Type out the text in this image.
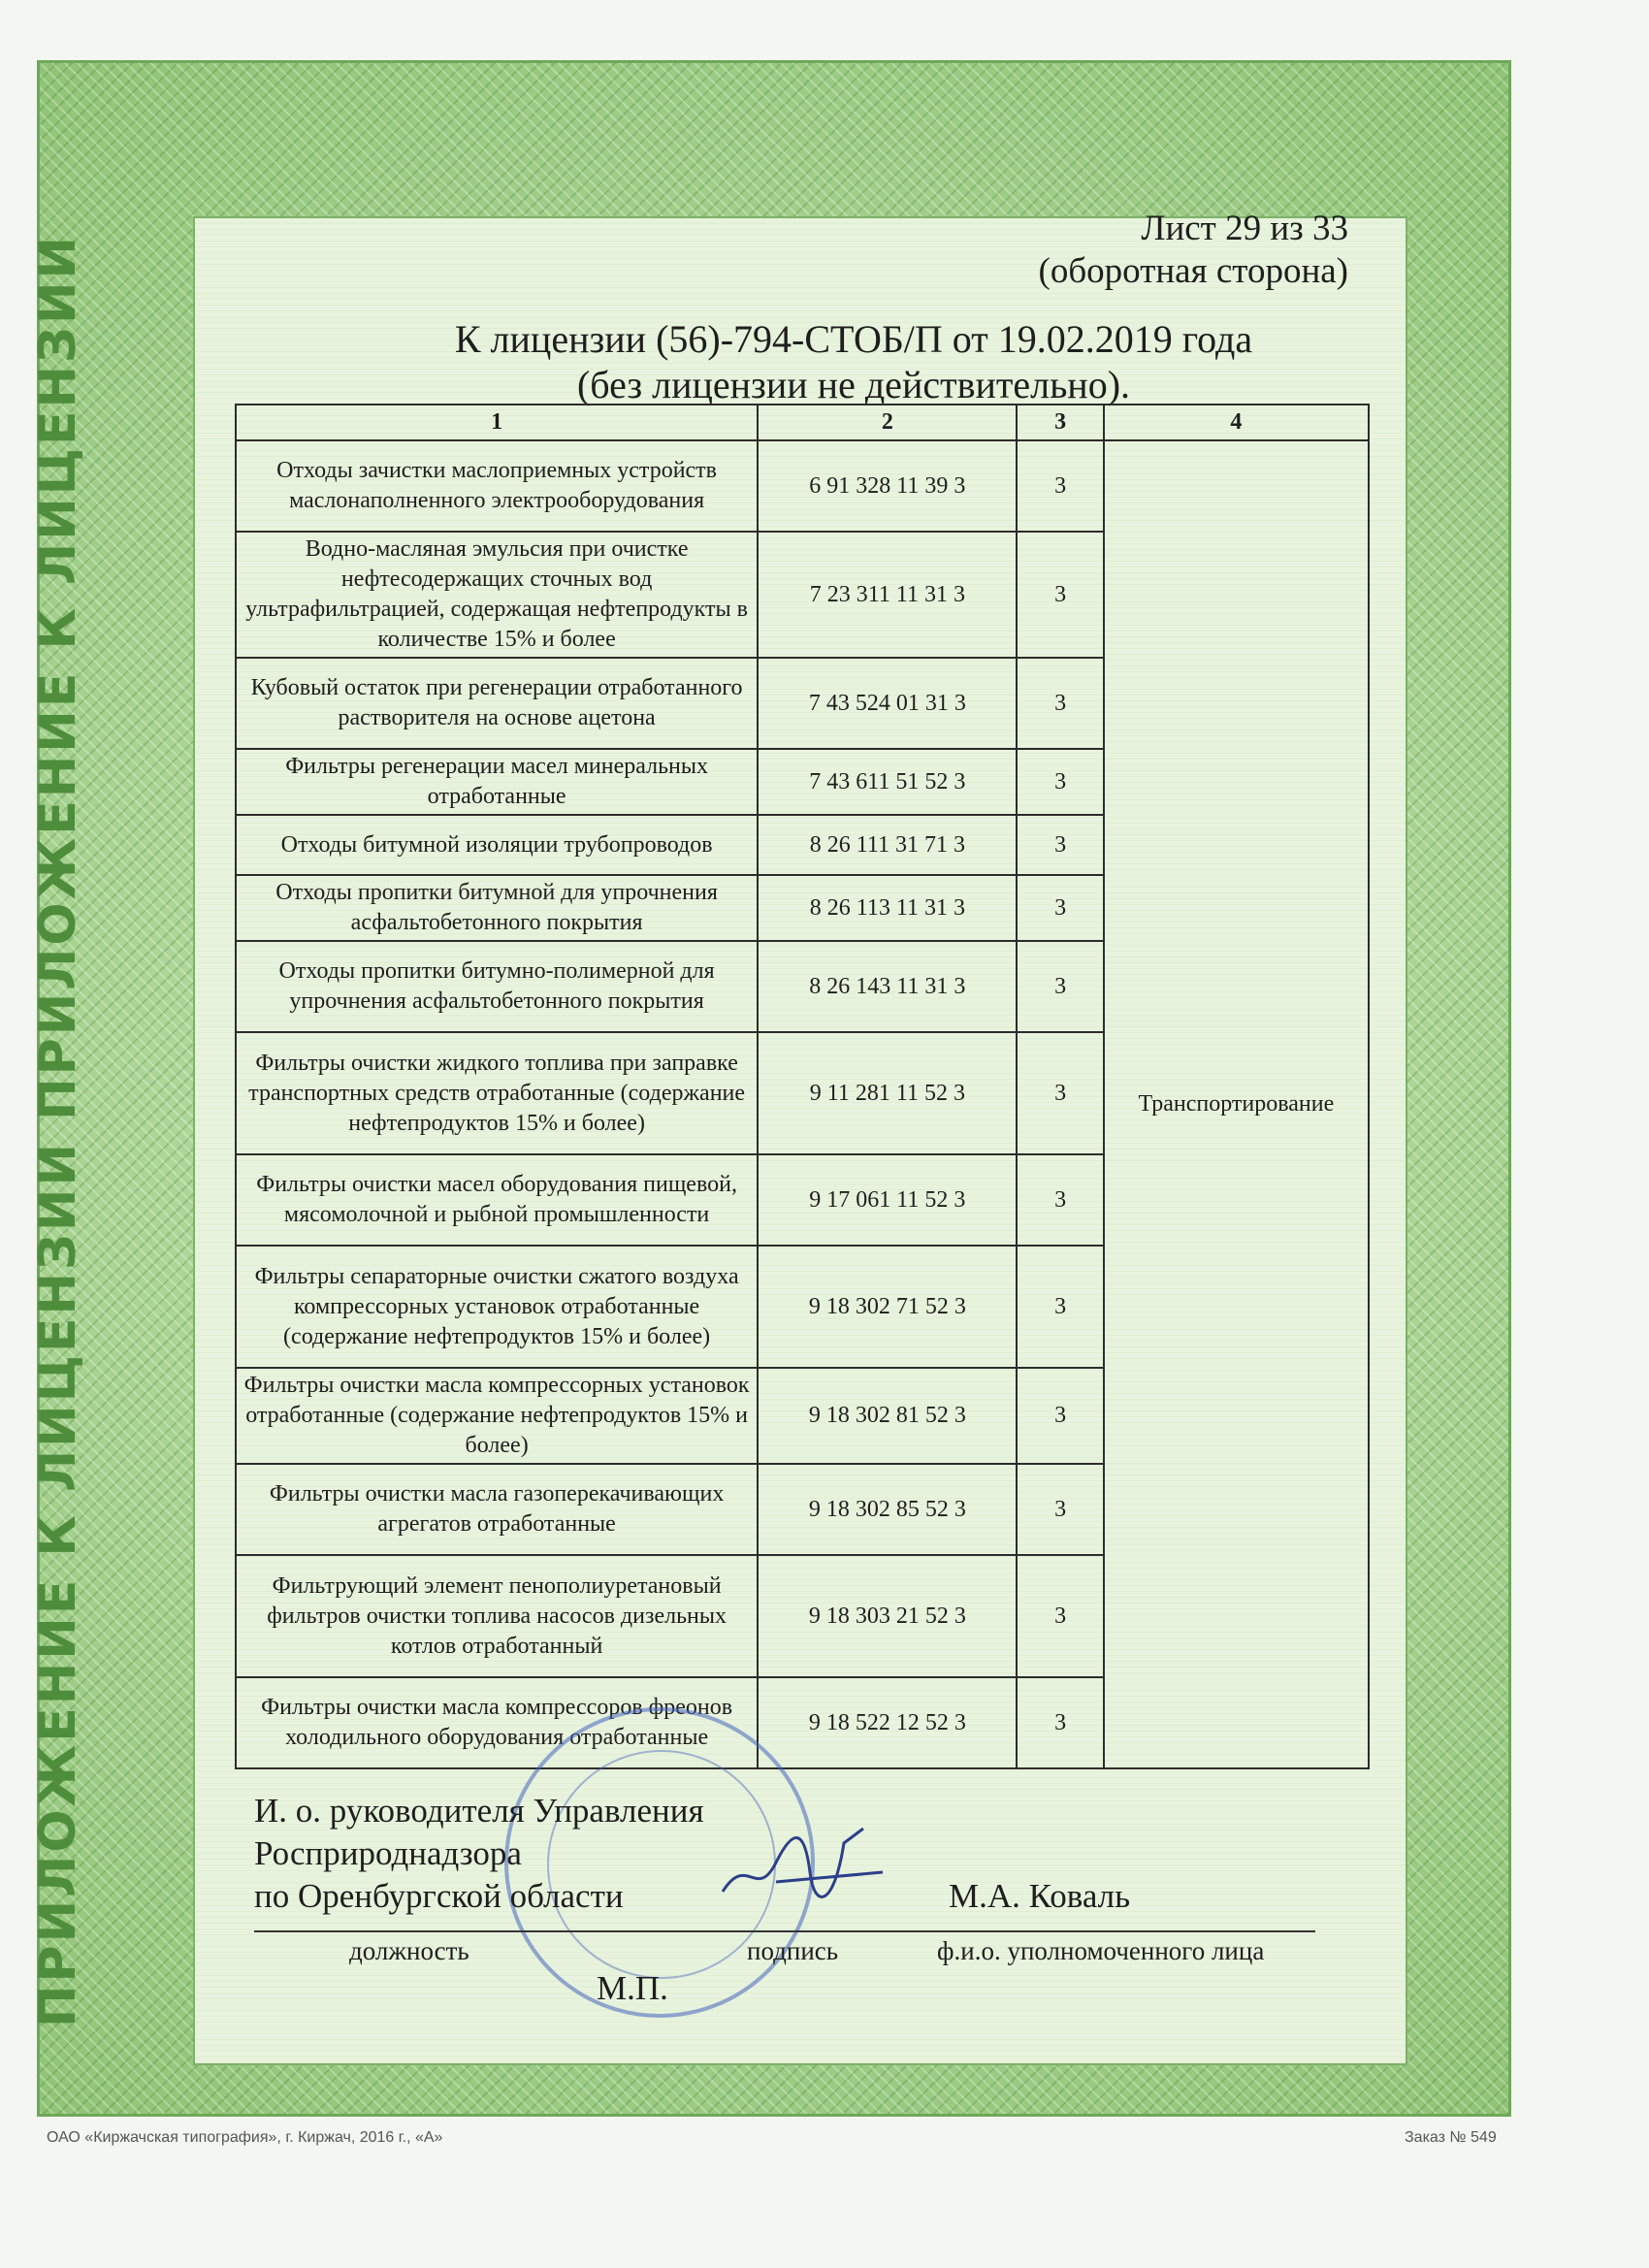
ПРИЛОЖЕНИЕ К ЛИЦЕНЗИИ ПРИЛОЖЕНИЕ К ЛИЦЕНЗИИ
Лист 29 из 33
(оборотная сторона)
К лицензии (56)-794-СТОБ/П от 19.02.2019 года
(без лицензии не действительно).
1	2	3	4
Отходы зачистки маслоприемных устройств маслонаполненного электрооборудования	6 91 328 11 39 3	3	Транспортирование
Водно-масляная эмульсия при очистке нефтесодержащих сточных вод ультрафильтрацией, содержащая нефтепродукты в количестве 15% и более	7 23 311 11 31 3	3	
Кубовый остаток при регенерации отработанного растворителя на основе ацетона	7 43 524 01 31 3	3	
Фильтры регенерации масел минеральных отработанные	7 43 611 51 52 3	3	
Отходы битумной изоляции трубопроводов	8 26 111 31 71 3	3	
Отходы пропитки битумной для упрочнения асфальтобетонного покрытия	8 26 113 11 31 3	3	
Отходы пропитки битумно-полимерной для упрочнения асфальтобетонного покрытия	8 26 143 11 31 3	3	
Фильтры очистки жидкого топлива при заправке транспортных средств отработанные (содержание нефтепродуктов 15% и более)	9 11 281 11 52 3	3	
Фильтры очистки масел оборудования пищевой, мясомолочной и рыбной промышленности	9 17 061 11 52 3	3	
Фильтры сепараторные очистки сжатого воздуха компрессорных установок отработанные (содержание нефтепродуктов 15% и более)	9 18 302 71 52 3	3	
Фильтры очистки масла компрессорных установок отработанные (содержание нефтепродуктов 15% и более)	9 18 302 81 52 3	3	
Фильтры очистки масла газоперекачивающих агрегатов отработанные	9 18 302 85 52 3	3	
Фильтрующий элемент пенополиуретановый фильтров очистки топлива насосов дизельных котлов отработанный	9 18 303 21 52 3	3	
Фильтры очистки масла компрессоров фреонов холодильного оборудования отработанные	9 18 522 12 52 3	3	
И. о. руководителя Управления
Росприроднадзора
по Оренбургской области	М.А. Коваль
должность	подпись	ф.и.о. уполномоченного лица
М.П.
ОАО «Киржачская типография», г. Киржач, 2016 г., «А»	Заказ № 549
